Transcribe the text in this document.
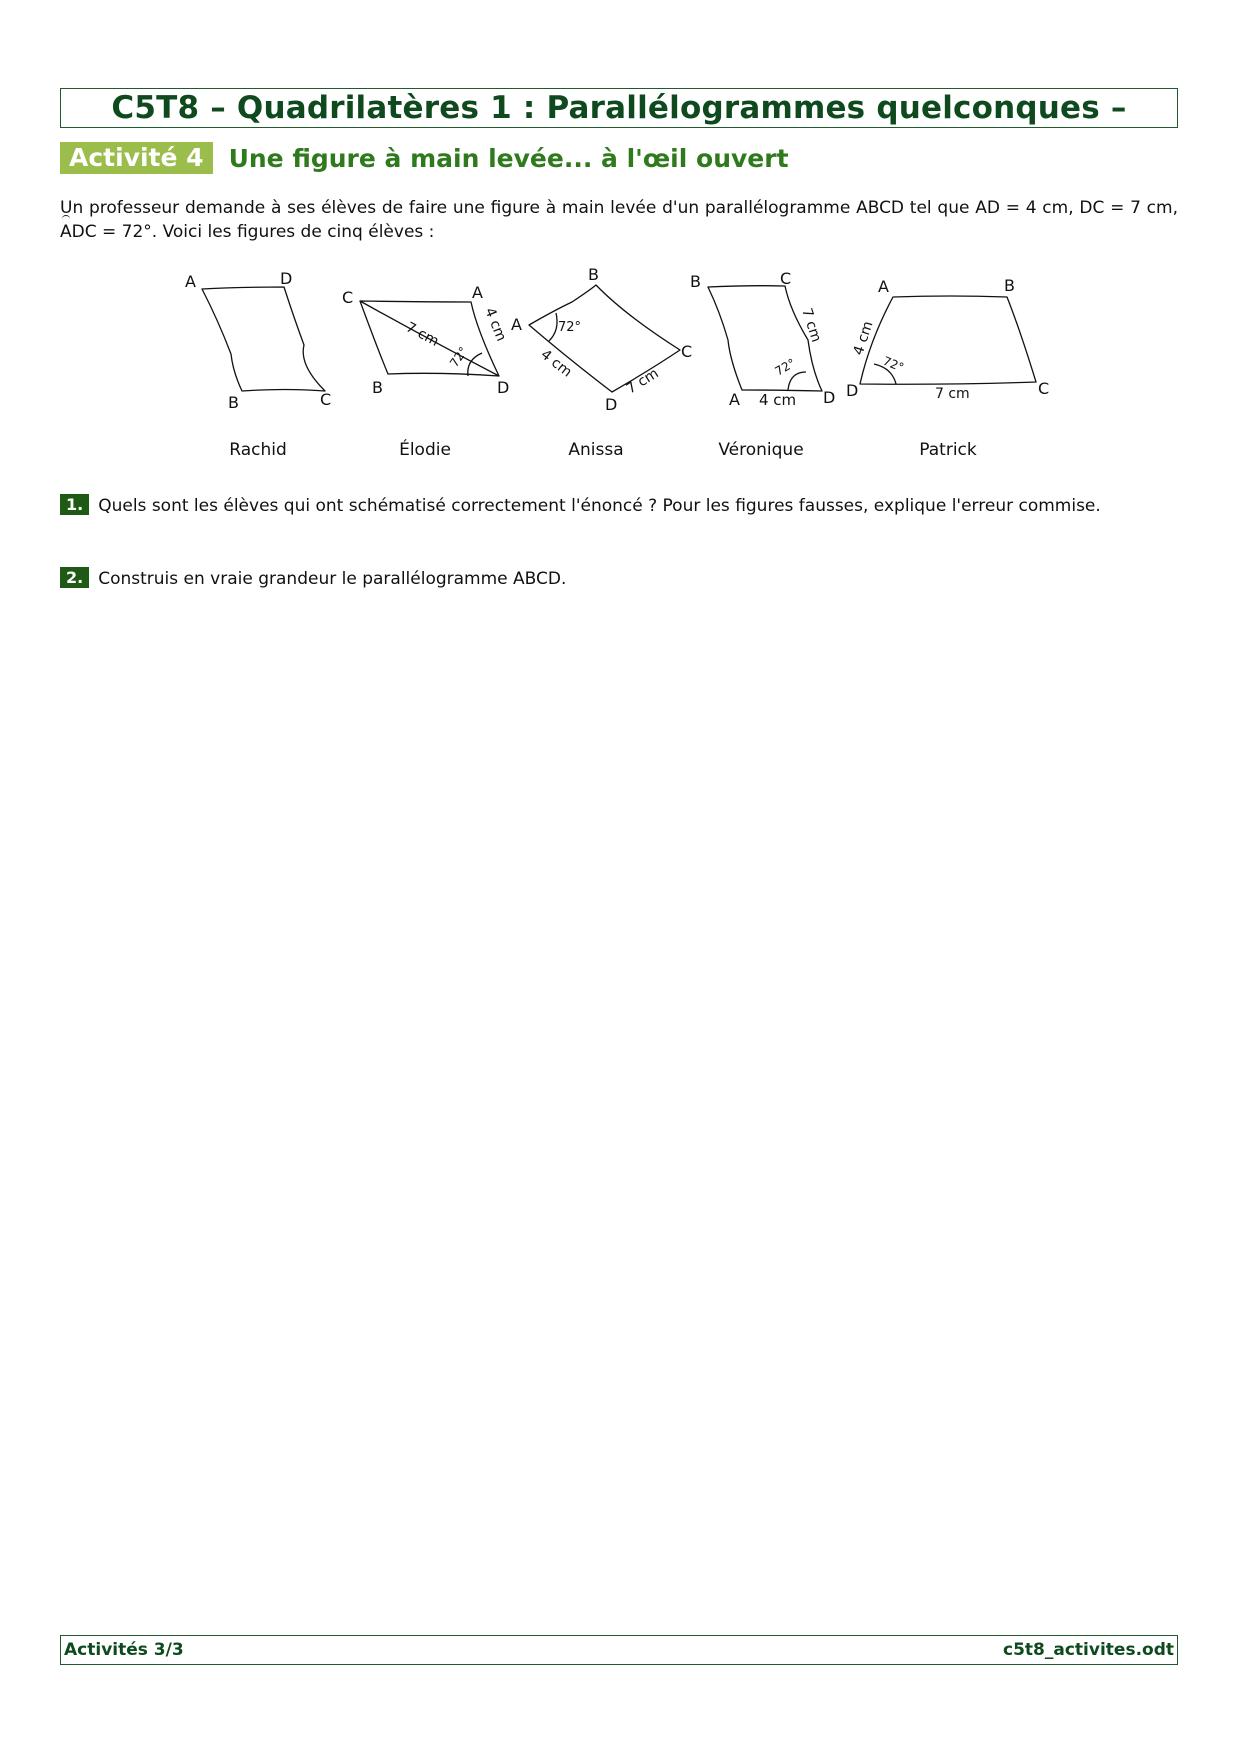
C5T8 – Quadrilatères 1 : Parallélogrammes quelconques –
Activité 4	Une figure à main levée... à l'œil ouvert
Un professeur demande à ses élèves de faire une figure à main levée d'un parallélogramme ABCD tel que AD = 4 cm, DC = 7 cm, ADC = 72°. Voici les figures de cinq élèves :
A	D
B	C
C	A
B	D
7 cm	4 cm
72°
B
A
C
D
72°
4 cm
7 cm
B	C
A	D
7 cm
72°
4 cm
A	B
D	C
4 cm
72°
7 cm
Rachid	Élodie	Anissa	Véronique	Patrick
1. Quels sont les élèves qui ont schématisé correctement l'énoncé ? Pour les figures fausses, explique l'erreur commise.
2. Construis en vraie grandeur le parallélogramme ABCD.
Activités 3/3	c5t8_activites.odt
